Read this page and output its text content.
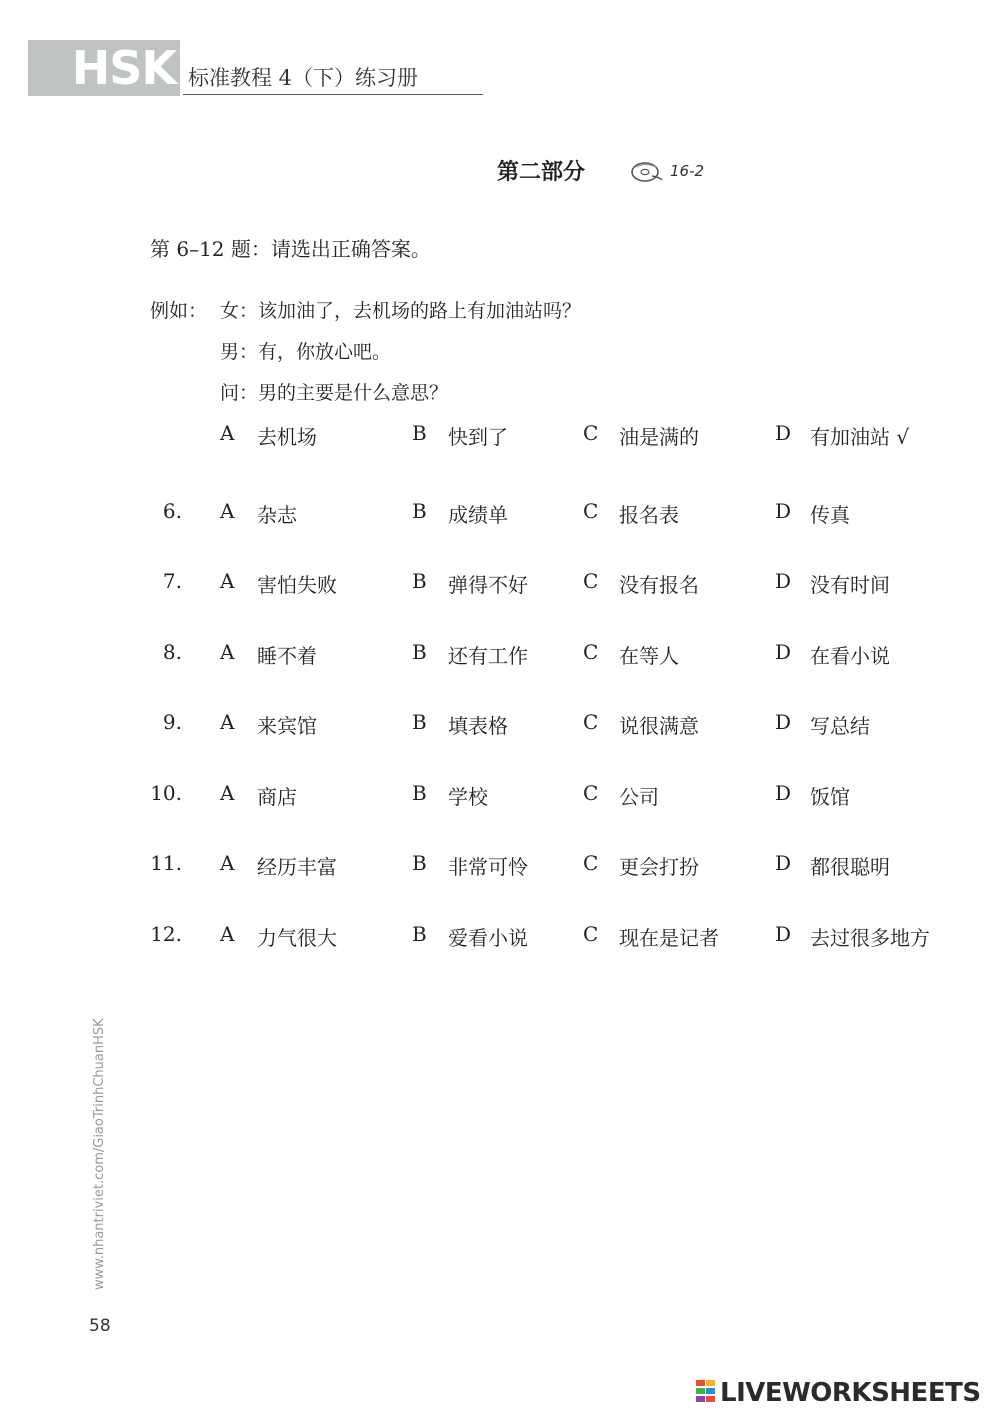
HSK 标准教程 4（下）练习册
第二部分	16-2
第 6–12 题：请选出正确答案。
例如： 女：该加油了，去机场的路上有加油站吗？
男：有，你放心吧。
问：男的主要是什么意思？
A 去机场	B 快到了	C 油是满的	D 有加油站 √
6. A 杂志	B 成绩单	C 报名表	D 传真
7. A 害怕失败	B 弹得不好	C 没有报名	D 没有时间
8. A 睡不着	B 还有工作	C 在等人	D 在看小说
9. A 来宾馆	B 填表格	C 说很满意	D 写总结
10. A 商店	B 学校	C 公司	D 饭馆
11. A 经历丰富	B 非常可怜	C 更会打扮	D 都很聪明
12. A 力气很大	B 爱看小说	C 现在是记者	D 去过很多地方
www.nhantriviet.com/GiaoTrinhChuanHSK
58
LIVEWORKSHEETS
